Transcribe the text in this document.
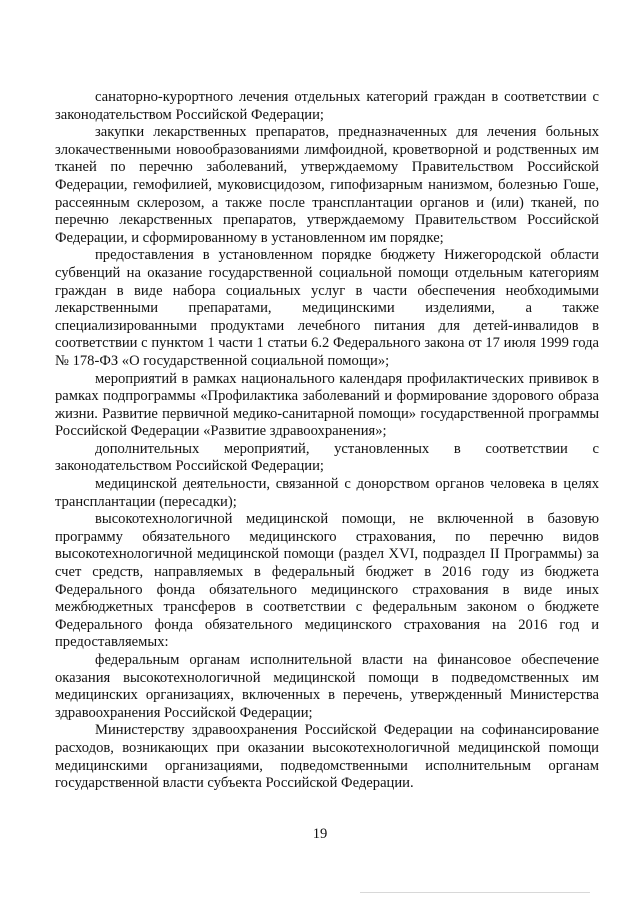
санаторно-курортного лечения отдельных категорий граждан в соответствии с законодательством Российской Федерации;

закупки лекарственных препаратов, предназначенных для лечения больных злокачественными новообразованиями лимфоидной, кроветворной и родственных им тканей по перечню заболеваний, утверждаемому Правительством Российской Федерации, гемофилией, муковисцидозом, гипофизарным нанизмом, болезнью Гоше, рассеянным склерозом, а также после трансплантации органов и (или) тканей, по перечню лекарственных препаратов, утверждаемому Правительством Российской Федерации, и сформированному в установленном им порядке;

предоставления в установленном порядке бюджету Нижегородской области субвенций на оказание государственной социальной помощи отдельным категориям граждан в виде набора социальных услуг в части обеспечения необходимыми лекарственными препаратами, медицинскими изделиями, а также специализированными продуктами лечебного питания для детей-инвалидов в соответствии с пунктом 1 части 1 статьи 6.2 Федерального закона от 17 июля 1999 года № 178-ФЗ «О государственной социальной помощи»;

мероприятий в рамках национального календаря профилактических прививок в рамках подпрограммы «Профилактика заболеваний и формирование здорового образа жизни. Развитие первичной медико-санитарной помощи» государственной программы Российской Федерации «Развитие здравоохранения»;

дополнительных мероприятий, установленных в соответствии с законодательством Российской Федерации;

медицинской деятельности, связанной с донорством органов человека в целях трансплантации (пересадки);

высокотехнологичной медицинской помощи, не включенной в базовую программу обязательного медицинского страхования, по перечню видов высокотехнологичной медицинской помощи (раздел XVI, подраздел II Программы) за счет средств, направляемых в федеральный бюджет в 2016 году из бюджета Федерального фонда обязательного медицинского страхования в виде иных межбюджетных трансферов в соответствии с федеральным законом о бюджете Федерального фонда обязательного медицинского страхования на 2016 год и предоставляемых:

федеральным органам исполнительной власти на финансовое обеспечение оказания высокотехнологичной медицинской помощи в подведомственных им медицинских организациях, включенных в перечень, утвержденный Министерства здравоохранения Российской Федерации;

Министерству здравоохранения Российской Федерации на софинансирование расходов, возникающих при оказании высокотехнологичной медицинской помощи медицинскими организациями, подведомственными исполнительным органам государственной власти субъекта Российской Федерации.

19
